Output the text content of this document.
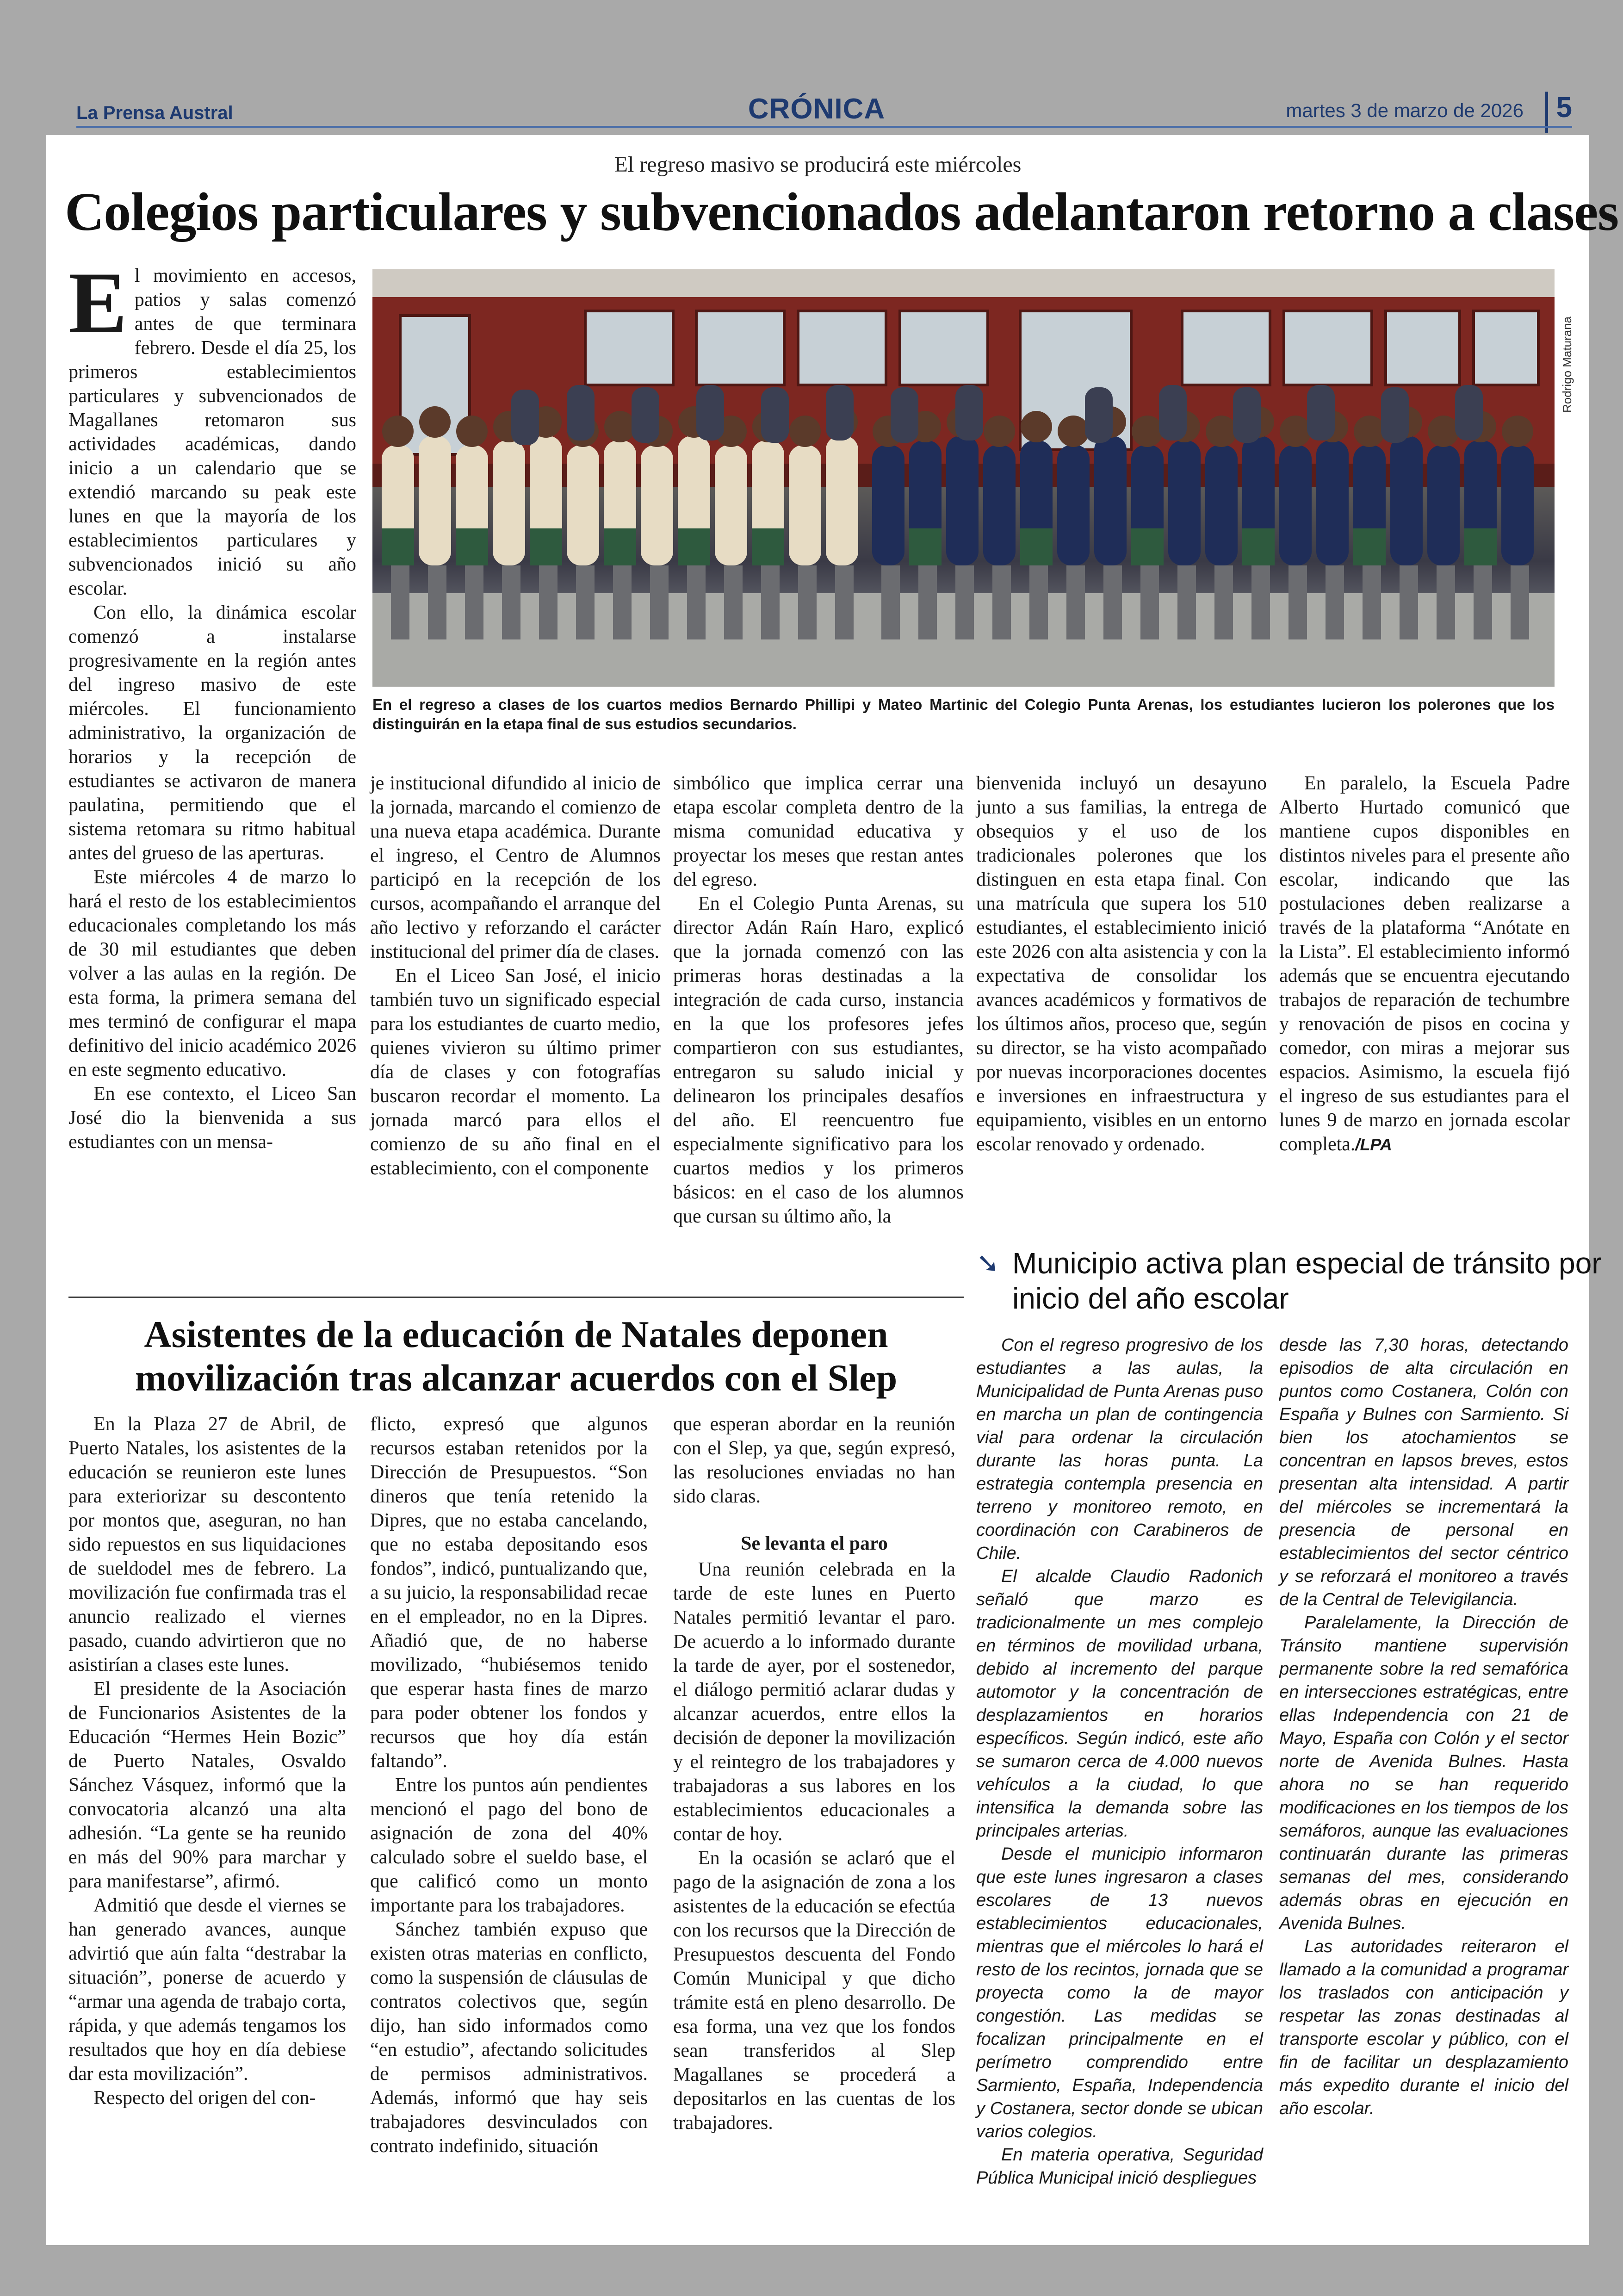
La Prensa Austral	CRÓNICA	martes 3 de marzo de 2026	5
El regreso masivo se producirá este miércoles
Colegios particulares y subvencionados adelantaron retorno a clases

El movimiento en accesos, patios y salas comenzó antes de que terminara febrero. Desde el día 25, los primeros establecimientos particulares y subvencionados de Magallanes retomaron sus actividades académicas, dando inicio a un calendario que se extendió marcando su peak este lunes en que la mayoría de los establecimientos particulares y subvencionados inició su año escolar.

Con ello, la dinámica escolar comenzó a instalarse progresivamente en la región antes del ingreso masivo de este miércoles. El funcionamiento administrativo, la organización de horarios y la recepción de estudiantes se activaron de manera paulatina, permitiendo que el sistema retomara su ritmo habitual antes del grueso de las aperturas.

Este miércoles 4 de marzo lo hará el resto de los establecimientos educacionales completando los más de 30 mil estudiantes que deben volver a las aulas en la región. De esta forma, la primera semana del mes terminó de configurar el mapa definitivo del inicio académico 2026 en este segmento educativo.

En ese contexto, el Liceo San José dio la bienvenida a sus estudiantes con un mensa-

Rodrigo Maturana
En el regreso a clases de los cuartos medios Bernardo Phillipi y Mateo Martinic del Colegio Punta Arenas, los estudiantes lucieron los polerones que los distinguirán en la etapa final de sus estudios secundarios.

je institucional difundido al inicio de la jornada, marcando el comienzo de una nueva etapa académica. Durante el ingreso, el Centro de Alumnos participó en la recepción de los cursos, acompañando el arranque del año lectivo y reforzando el carácter institucional del primer día de clases.

En el Liceo San José, el inicio también tuvo un significado especial para los estudiantes de cuarto medio, quienes vivieron su último primer día de clases y con fotografías buscaron recordar el momento. La jornada marcó para ellos el comienzo de su año final en el establecimiento, con el componente

simbólico que implica cerrar una etapa escolar completa dentro de la misma comunidad educativa y proyectar los meses que restan antes del egreso.

En el Colegio Punta Arenas, su director Adán Raín Haro, explicó que la jornada comenzó con las primeras horas destinadas a la integración de cada curso, instancia en la que los profesores jefes compartieron con sus estudiantes, entregaron su saludo inicial y delinearon los principales desafíos del año. El reencuentro fue especialmente significativo para los cuartos medios y los primeros básicos: en el caso de los alumnos que cursan su último año, la

bienvenida incluyó un desayuno junto a sus familias, la entrega de obsequios y el uso de los tradicionales polerones que los distinguen en esta etapa final. Con una matrícula que supera los 510 estudiantes, el establecimiento inició este 2026 con alta asistencia y con la expectativa de consolidar los avances académicos y formativos de los últimos años, proceso que, según su director, se ha visto acompañado por nuevas incorporaciones docentes e inversiones en infraestructura y equipamiento, visibles en un entorno escolar renovado y ordenado.

En paralelo, la Escuela Padre Alberto Hurtado comunicó que mantiene cupos disponibles en distintos niveles para el presente año escolar, indicando que las postulaciones deben realizarse a través de la plataforma “Anótate en la Lista”. El establecimiento informó además que se encuentra ejecutando trabajos de reparación de techumbre y renovación de pisos en cocina y comedor, con miras a mejorar sus espacios. Asimismo, la escuela fijó el ingreso de sus estudiantes para el lunes 9 de marzo en jornada escolar completa./LPA

Asistentes de la educación de Natales deponen movilización tras alcanzar acuerdos con el Slep

En la Plaza 27 de Abril, de Puerto Natales, los asistentes de la educación se reunieron este lunes para exteriorizar su descontento por montos que, aseguran, no han sido repuestos en sus liquidaciones de sueldodel mes de febrero. La movilización fue confirmada tras el anuncio realizado el viernes pasado, cuando advirtieron que no asistirían a clases este lunes.

El presidente de la Asociación de Funcionarios Asistentes de la Educación “Hermes Hein Bozic” de Puerto Natales, Osvaldo Sánchez Vásquez, informó que la convocatoria alcanzó una alta adhesión. “La gente se ha reunido en más del 90% para marchar y para manifestarse”, afirmó.

Admitió que desde el viernes se han generado avances, aunque advirtió que aún falta “destrabar la situación”, ponerse de acuerdo y “armar una agenda de trabajo corta, rápida, y que además tengamos los resultados que hoy en día debiese dar esta movilización”.

Respecto del origen del con-

flicto, expresó que algunos recursos estaban retenidos por la Dirección de Presupuestos. “Son dineros que tenía retenido la Dipres, que no estaba cancelando, que no estaba depositando esos fondos”, indicó, puntualizando que, a su juicio, la responsabilidad recae en el empleador, no en la Dipres. Añadió que, de no haberse movilizado, “hubiésemos tenido que esperar hasta fines de marzo para poder obtener los fondos y recursos que hoy día están faltando”.

Entre los puntos aún pendientes mencionó el pago del bono de asignación de zona del 40% calculado sobre el sueldo base, el que calificó como un monto importante para los trabajadores.

Sánchez también expuso que existen otras materias en conflicto, como la suspensión de cláusulas de contratos colectivos que, según dijo, han sido informados como “en estudio”, afectando solicitudes de permisos administrativos. Además, informó que hay seis trabajadores desvinculados con contrato indefinido, situación

que esperan abordar en la reunión con el Slep, ya que, según expresó, las resoluciones enviadas no han sido claras.

Se levanta el paro

Una reunión celebrada en la tarde de este lunes en Puerto Natales permitió levantar el paro. De acuerdo a lo informado durante la tarde de ayer, por el sostenedor, el diálogo permitió aclarar dudas y alcanzar acuerdos, entre ellos la decisión de deponer la movilización y el reintegro de los trabajadores y trabajadoras a sus labores en los establecimientos educacionales a contar de hoy.

En la ocasión se aclaró que el pago de la asignación de zona a los asistentes de la educación se efectúa con los recursos que la Dirección de Presupuestos descuenta del Fondo Común Municipal y que dicho trámite está en pleno desarrollo. De esa forma, una vez que los fondos sean transferidos al Slep Magallanes se procederá a depositarlos en las cuentas de los trabajadores.

➘ Municipio activa plan especial de tránsito por inicio del año escolar

Con el regreso progresivo de los estudiantes a las aulas, la Municipalidad de Punta Arenas puso en marcha un plan de contingencia vial para ordenar la circulación durante las horas punta. La estrategia contempla presencia en terreno y monitoreo remoto, en coordinación con Carabineros de Chile.

El alcalde Claudio Radonich señaló que marzo es tradicionalmente un mes complejo en términos de movilidad urbana, debido al incremento del parque automotor y la concentración de desplazamientos en horarios específicos. Según indicó, este año se sumaron cerca de 4.000 nuevos vehículos a la ciudad, lo que intensifica la demanda sobre las principales arterias.

Desde el municipio informaron que este lunes ingresaron a clases escolares de 13 nuevos establecimientos educacionales, mientras que el miércoles lo hará el resto de los recintos, jornada que se proyecta como la de mayor congestión. Las medidas se focalizan principalmente en el perímetro comprendido entre Sarmiento, España, Independencia y Costanera, sector donde se ubican varios colegios.

En materia operativa, Seguridad Pública Municipal inició despliegues

desde las 7,30 horas, detectando episodios de alta circulación en puntos como Costanera, Colón con España y Bulnes con Sarmiento. Si bien los atochamientos se concentran en lapsos breves, estos presentan alta intensidad. A partir del miércoles se incrementará la presencia de personal en establecimientos del sector céntrico y se reforzará el monitoreo a través de la Central de Televigilancia.

Paralelamente, la Dirección de Tránsito mantiene supervisión permanente sobre la red semafórica en intersecciones estratégicas, entre ellas Independencia con 21 de Mayo, España con Colón y el sector norte de Avenida Bulnes. Hasta ahora no se han requerido modificaciones en los tiempos de los semáforos, aunque las evaluaciones continuarán durante las primeras semanas del mes, considerando además obras en ejecución en Avenida Bulnes.

Las autoridades reiteraron el llamado a la comunidad a programar los traslados con anticipación y respetar las zonas destinadas al transporte escolar y público, con el fin de facilitar un desplazamiento más expedito durante el inicio del año escolar.
